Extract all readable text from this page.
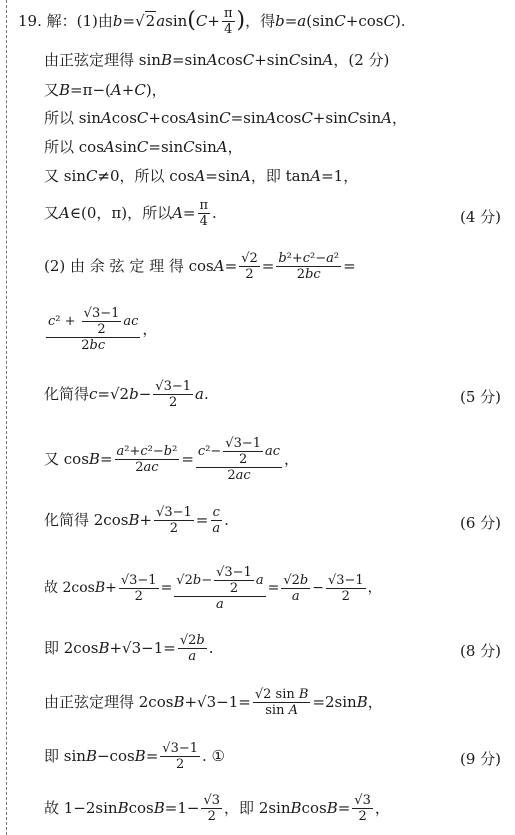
19. 解：(1)由 b = √2 a sin ( $C + \frac{\pi}{4}$ ) ，得 b = a (sin C +cos C ).
由正弦定理得 sin B =sin A cos C +sin C sin A ，(2 分)
又 B =π−( A + C )，
所以 sin A cos C +cos A sin C =sin A cos C +sin C sin A ，
所以 cos A sin C =sin C sin A ，
又 sin C ≠0，所以 cos A =sin A ，即 tan A =1，
又 A ∈(0，π)，所以 $A = \frac{\pi}{4}$ .	(4 分)
(2) 由 余 弦 定 理 得 $\cos A = \frac{√2}{2} = \frac{\text{b²+c²−a²}}{2bc}$ =
$\frac{c^2 + \frac{√3-1}{2} ac}{2bc}$ ，
化简得 c =√2 $b - \frac{√3-1}{2}$ a .	(5 分)
又 $\cos B = \frac{\text{a²+c²−b²}}{2ac} = \frac{c^2- \frac{√3-1}{2} ac}{2ac}$ ，
化简得 2cos $B + \frac{√3-1}{2} = \frac{c}{a}$ .	(6 分)
故 2cos $B + \frac{√3-1}{2} = \frac{√2b- \frac{√3-1}{2} a}{a} = \frac{√2b}{a} - \frac{√3-1}{2}$ ，
即 2cos $B +√3-1= \frac{√2b}{a}$ .	(8 分)
由正弦定理得 2cos $B +√3-1= \frac{\text{√2 sin B}}{\text{sin A}} =2\sin$ B ，
即 sin B −cos $B = \frac{√3-1}{2}$ . ①	(9 分)
故 1−2sin B $\cos B =1- \frac{√3}{2}$ ，即 2sin B $\cos B = \frac{√3}{2}$ ，
